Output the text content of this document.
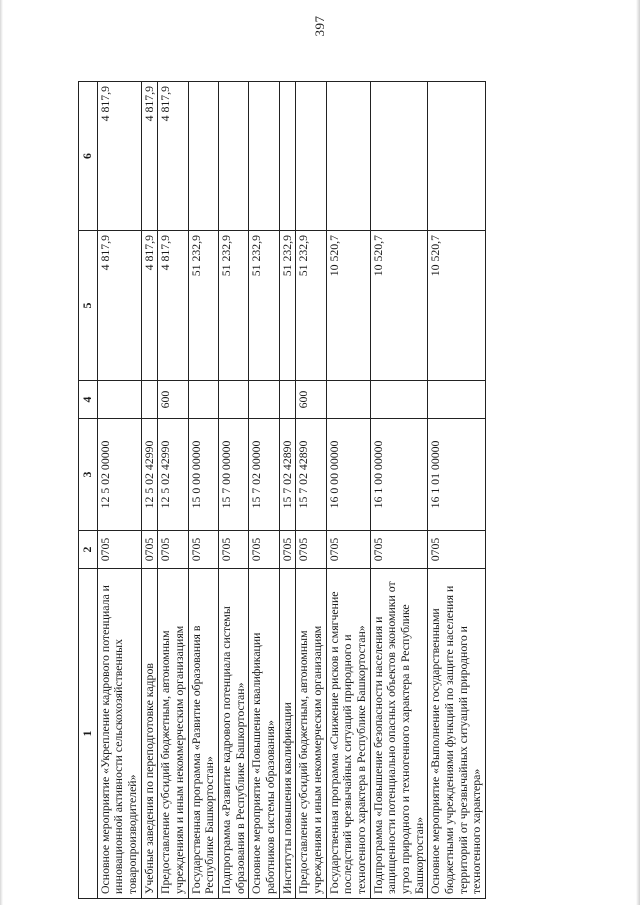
397
1	2	3	4	5	6
Основное мероприятие «Укрепление кадрового потенциала и инновационной активности сельскохозяйственных товаропроизводителей»	0705	12 5 02 00000		4 817,9	4 817,9
Учебные заведения по переподготовке кадров	0705	12 5 02 42990		4 817,9	4 817,9
Предоставление субсидий бюджетным, автономным учреждениям и иным некоммерческим организациям	0705	12 5 02 42990	600	4 817,9	4 817,9
Государственная программа «Развитие образования в Республике Башкортостан»	0705	15 0 00 00000		51 232,9	
Подпрограмма «Развитие кадрового потенциала системы образования в Республике Башкортостан»	0705	15 7 00 00000		51 232,9	
Основное мероприятие «Повышение квалификации работников системы образования»	0705	15 7 02 00000		51 232,9	
Институты повышения квалификации	0705	15 7 02 42890		51 232,9	
Предоставление субсидий бюджетным, автономным учреждениям и иным некоммерческим организациям	0705	15 7 02 42890	600	51 232,9	
Государственная программа «Снижение рисков и смягчение последствий чрезвычайных ситуаций природного и техногенного характера в Республике Башкортостан»	0705	16 0 00 00000		10 520,7	
Подпрограмма «Повышение безопасности населения и защищенности потенциально опасных объектов экономики от угроз природного и техногенного характера в Республике Башкортостан»	0705	16 1 00 00000		10 520,7	
Основное мероприятие «Выполнение государственными бюджетными учреждениями функций по защите населения и территорий от чрезвычайных ситуаций природного и техногенного характера»	0705	16 1 01 00000		10 520,7	
